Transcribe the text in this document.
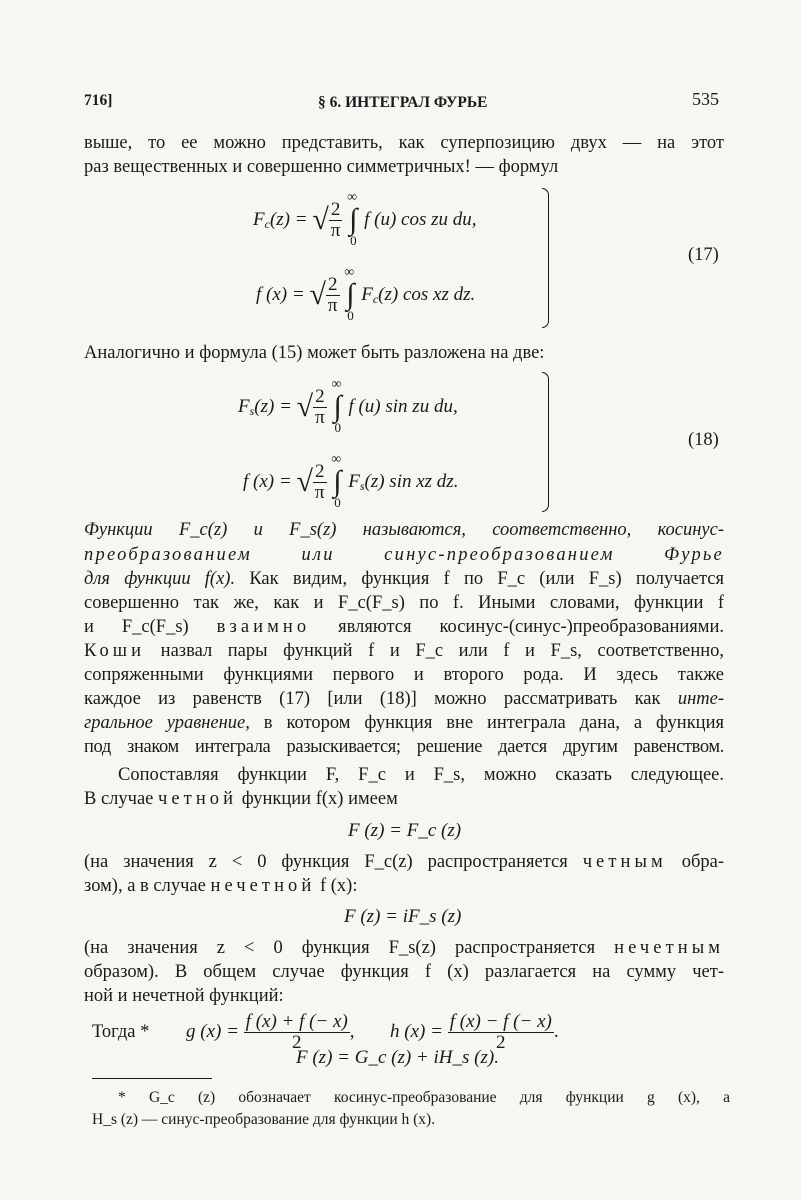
716]	§ 6. ИНТЕГРАЛ ФУРЬЕ	535
выше, то ее можно представить, как суперпозицию двух — на этот
раз вещественных и совершенно симметричных! — формул
$F_c(z)$ = √ $\frac{2}{\pi}$ ∫
∞
0
f (u) cos zu du,
f (x) = √ $\frac{2}{\pi}$ ∫
∞
0
$F_c(z)$ cos xz dz.
(17)
Аналогично и формула (15) может быть разложена на две:
$F_s(z)$ = √ $\frac{2}{\pi}$ ∫
∞
0
f (u) sin zu du,
f (x) = √ $\frac{2}{\pi}$ ∫
∞
0
$F_s(z)$ sin xz dz.
(18)
Функции F_c(z) и F_s(z) называются, соответственно, косинус-
преобразованием или синус-преобразованием Фурье
для функции f(x). Как видим, функция f по F_c (или F_s) получается
совершенно так же, как и F_c(F_s) по f. Иными словами, функции f
и F_c(F_s) взаимно являются косинус-(синус-)преобразованиями.
Коши назвал пары функций f и F_c или f и F_s, соответственно,
сопряженными функциями первого и второго рода. И здесь также
каждое из равенств (17) [или (18)] можно рассматривать как инте-
гральное уравнение, в котором функция вне интеграла дана, а функция
под знаком интеграла разыскивается; решение дается другим равенством.
Сопоставляя функции F, F_c и F_s, можно сказать следующее.
В случае четной функции f(x) имеем
F (z) = F_c (z)
(на значения z < 0 функция F_c(z) распространяется четным обра-
зом), а в случае нечетной f (x):
F (z) = iF_s (z)
(на значения z < 0 функция F_s(z) распространяется нечетным
образом). В общем случае функция f (x) разлагается на сумму чет-
ной и нечетной функций:
g $(x) = \frac{f (x) + f (- x)}{2}$ , h $(x) = \frac{f (x) - f (- x)}{2}$ .
Тогда *
F (z) = G_c (z) + iH_s (z).
* G_c (z) обозначает косинус-преобразование для функции g (x), а
H_s (z) — синус-преобразование для функции h (x).
